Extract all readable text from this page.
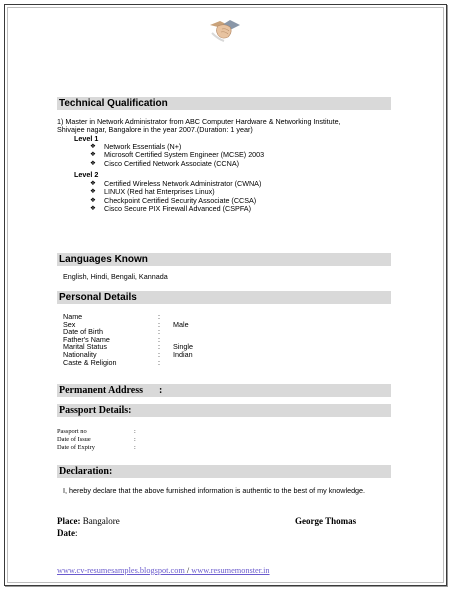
Technical Qualification
1) Master in Network Administrator from ABC Computer Hardware & Networking Institute,
Shivajee nagar, Bangalore in the year 2007.(Duration: 1 year)
Level 1
❖ Network Essentials (N+)
❖ Microsoft Certified System Engineer (MCSE) 2003
❖ Cisco Certified Network Associate (CCNA)
Level 2
❖ Certified Wireless Network Administrator (CWNA)
❖ LINUX (Red hat Enterprises Linux)
❖ Checkpoint Certified Security Associate (CCSA)
❖ Cisco Secure PIX Firewall Advanced (CSPFA)
Languages Known
English, Hindi, Bengali, Kannada
Personal Details
Name	:
Sex	: Male
Date of Birth	:
Father's Name	:
Marital Status	: Single
Nationality	: Indian
Caste & Religion	:
Permanent Address :
Passport Details:
Passport no	:
Date of Issue	:
Date of Expiry	:
Declaration:
I, hereby declare that the above furnished information is authentic to the best of my knowledge.
Place: Bangalore	George Thomas
Date:
www.cv-resumesamples.blogspot.com / www.resumemonster.in
